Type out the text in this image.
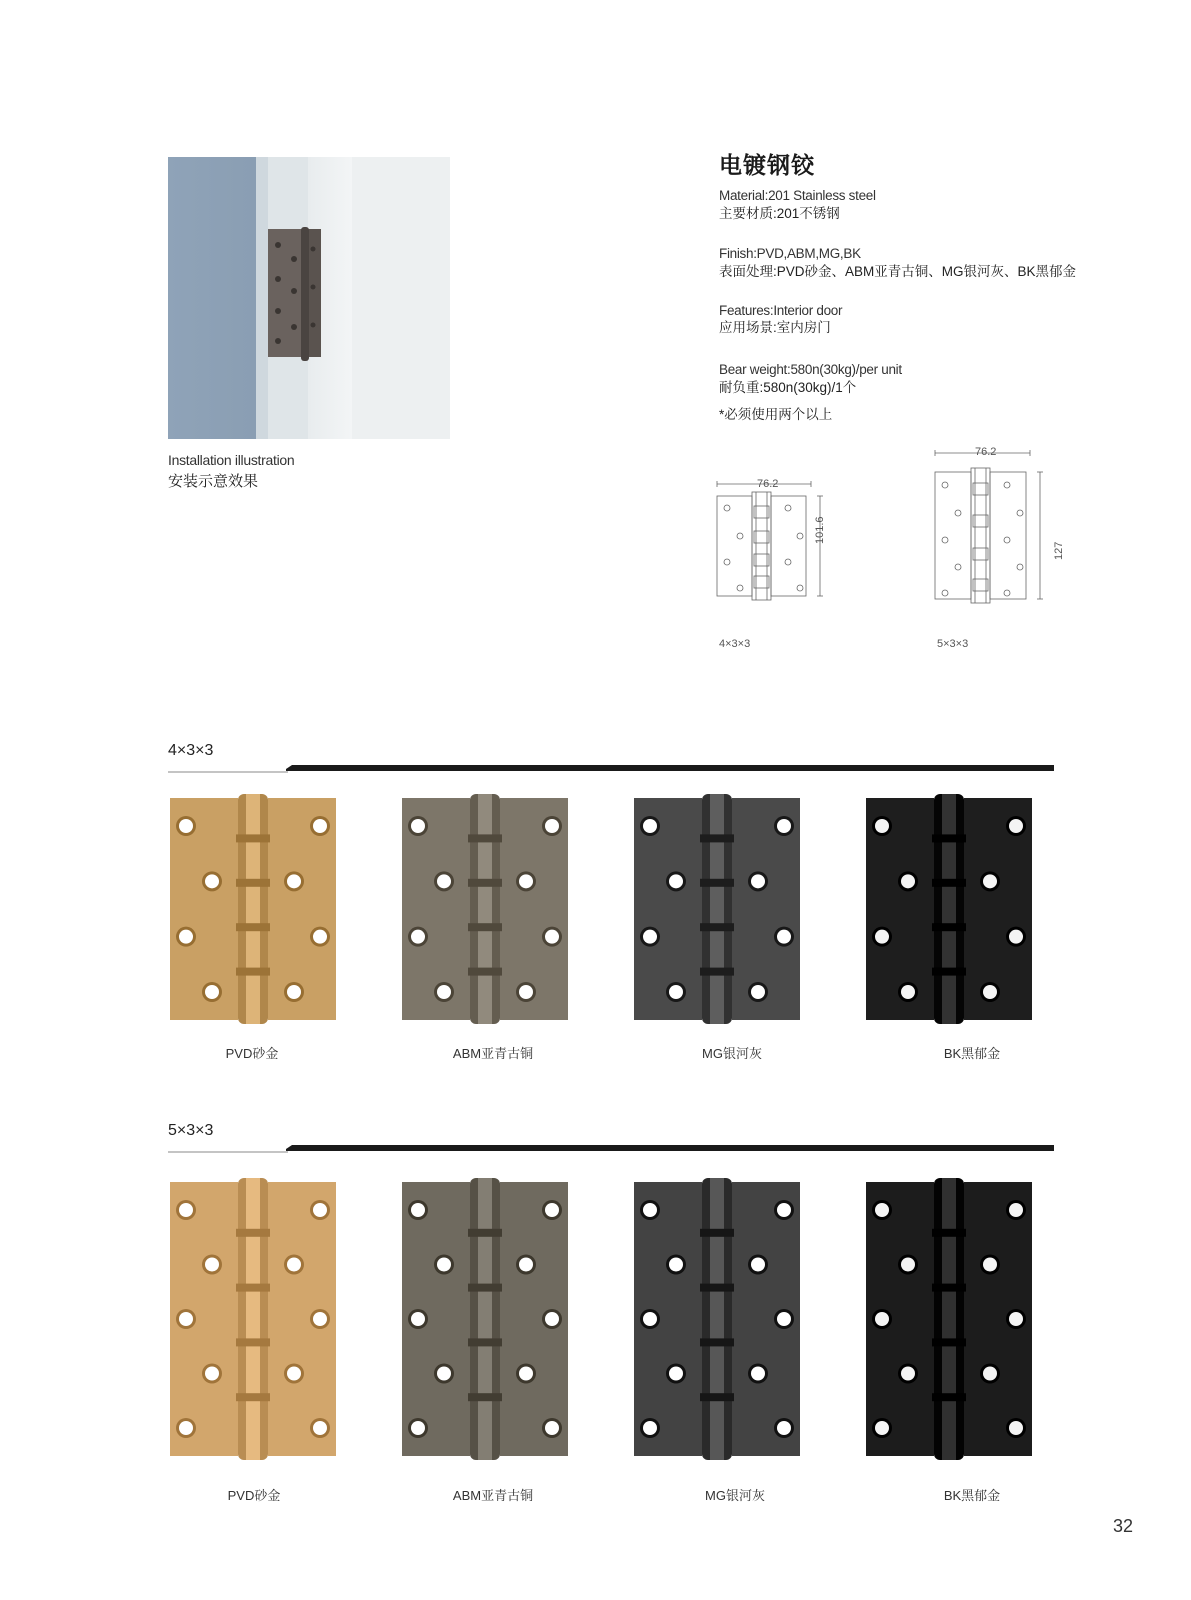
Installation illustration
安装示意效果
电镀钢铰
Material:201 Stainless steel
主要材质:201不锈钢
Finish:PVD,ABM,MG,BK
表面处理:PVD砂金、ABM亚青古铜、MG银河灰、BK黑郁金
Features:Interior door
应用场景:室内房门
Bear weight:580n(30kg)/per unit
耐负重:580n(30kg)/1个
*必须使用两个以上
76.2
101.6
4×3×3
76.2
127
5×3×3
4×3×3
PVD砂金	ABM亚青古铜	MG银河灰	BK黑郁金
5×3×3
PVD砂金	ABM亚青古铜	MG银河灰	BK黑郁金
32
